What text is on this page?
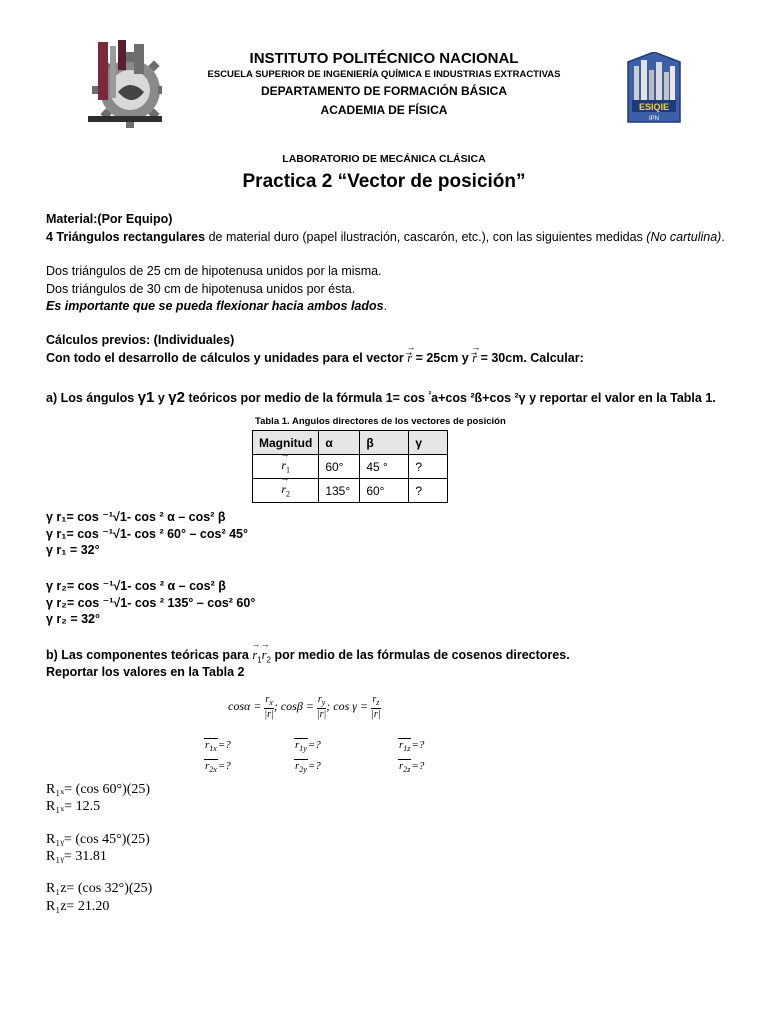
ESIQIE
IPN
INSTITUTO POLITÉCNICO NACIONAL
ESCUELA SUPERIOR DE INGENIERÍA QUÍMICA E INDUSTRIAS EXTRACTIVAS
DEPARTAMENTO DE FORMACIÓN BÁSICA
ACADEMIA DE FÍSICA
LABORATORIO DE MECÁNICA CLÁSICA
Practica 2 “Vector de posición”
Material:(Por Equipo)
4 Triángulos rectangulares de material duro (papel ilustración, cascarón, etc.), con las siguientes medidas (No cartulina).
Dos triángulos de 25 cm de hipotenusa unidos por la misma.
Dos triángulos de 30 cm de hipotenusa unidos por ésta.
Es importante que se pueda flexionar hacia ambos lados.
Cálculos previos: (Individuales)
Con todo el desarrollo de cálculos y unidades para el vector → r⃗ = 25cm y → r⃗ = 30cm. Calcular:
a) Los ángulos γ1 y γ2 teóricos por medio de la fórmula 1= cos $^{^2}$a+cos ²ß+cos ²γ y reportar el valor en la Tabla 1.
Tabla 1. Angulos directores de los vectores de posición
Magnitud	α	β	γ
→ $r_1$	60°	45 °	?
→ $r_2$	135°	60°	?
γ r₁= cos ⁻¹√1- cos ² α – cos² β
γ r₁= cos ⁻¹√1- cos ² 60° – cos² 45°
γ r₁ = 32°
γ r₂= cos ⁻¹√1- cos ² α – cos² β
γ r₂= cos ⁻¹√1- cos ² 135° – cos² 60°
γ r₂ = 32°
b) Las componentes teóricas para → $r_1\to r_2$ por medio de las fórmulas de cosenos directores.
Reportar los valores en la Tabla 2
$\cos\alpha = \frac{r_x}{|r|}$ ; $\cos\beta = \frac{r_y}{|r|}$ ; $\cos \gamma = \frac{r_z}{|r|}$
$r_{1x}=$?	$r_{1y}=$?	$r_{1z}=$?
$r_{2x}=$?	$r_{2y}=$?	$r_{2z}=$?
R₁ₓ= (cos 60°)(25)
R₁ₓ= 12.5
R₁ᵧ= (cos 45°)(25)
R₁ᵧ= 31.81
R₁z= (cos 32°)(25)
R₁z= 21.20
